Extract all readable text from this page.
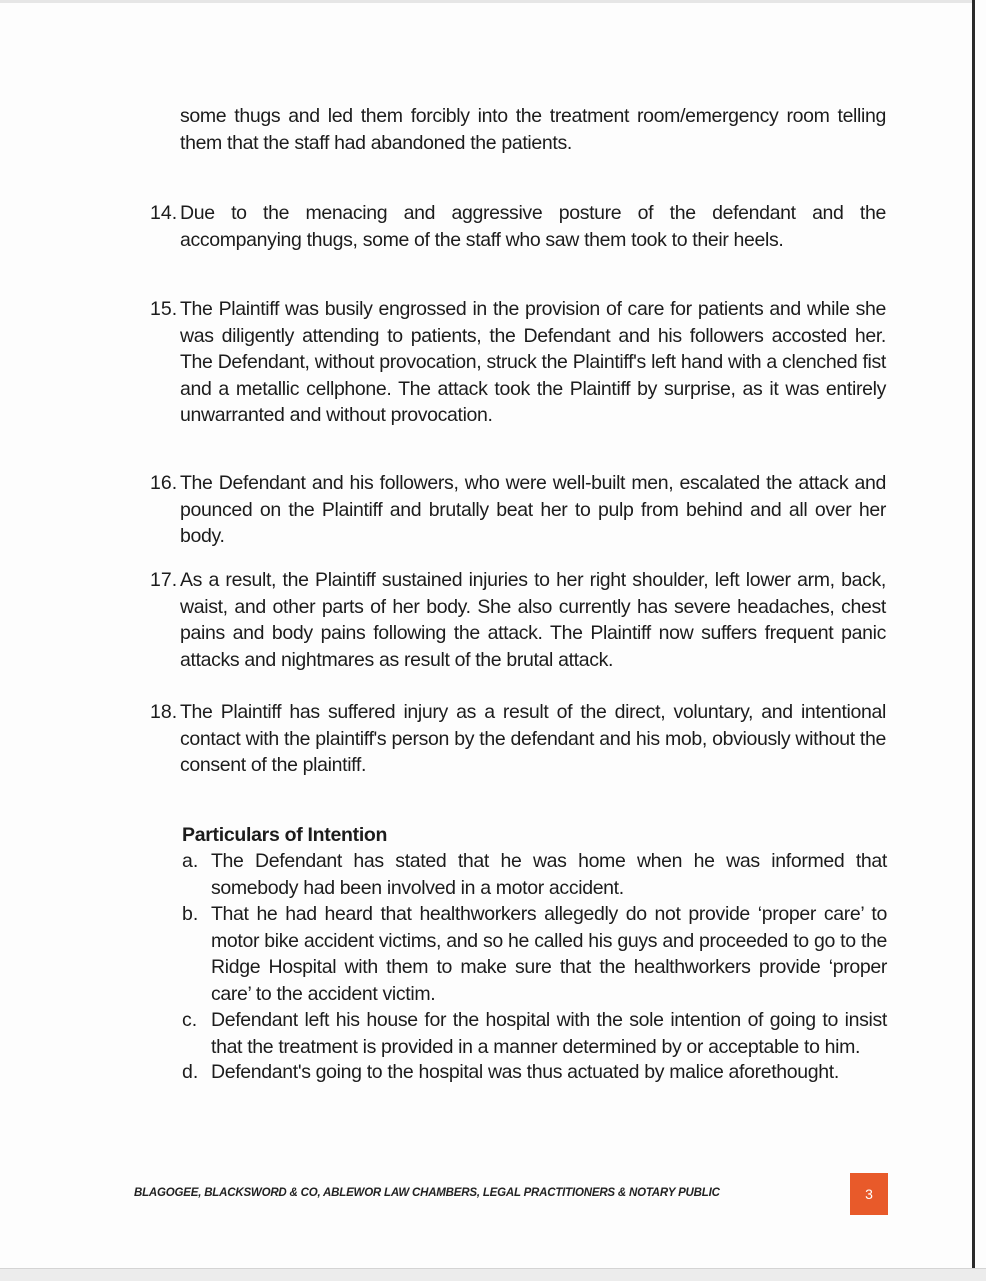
some thugs and led them forcibly into the treatment room/emergency room telling them that the staff had abandoned the patients.

14. Due to the menacing and aggressive posture of the defendant and the accompanying thugs, some of the staff who saw them took to their heels.

15. The Plaintiff was busily engrossed in the provision of care for patients and while she was diligently attending to patients, the Defendant and his followers accosted her. The Defendant, without provocation, struck the Plaintiff's left hand with a clenched fist and a metallic cellphone. The attack took the Plaintiff by surprise, as it was entirely unwarranted and without provocation.

16. The Defendant and his followers, who were well-built men, escalated the attack and pounced on the Plaintiff and brutally beat her to pulp from behind and all over her body.

17. As a result, the Plaintiff sustained injuries to her right shoulder, left lower arm, back, waist, and other parts of her body. She also currently has severe headaches, chest pains and body pains following the attack. The Plaintiff now suffers frequent panic attacks and nightmares as result of the brutal attack.

18. The Plaintiff has suffered injury as a result of the direct, voluntary, and intentional contact with the plaintiff's person by the defendant and his mob, obviously without the consent of the plaintiff.

Particulars of Intention
a. The Defendant has stated that he was home when he was informed that somebody had been involved in a motor accident.

b. That he had heard that healthworkers allegedly do not provide ‘proper care’ to motor bike accident victims, and so he called his guys and proceeded to go to the Ridge Hospital with them to make sure that the healthworkers provide ‘proper care’ to the accident victim.

c. Defendant left his house for the hospital with the sole intention of going to insist that the treatment is provided in a manner determined by or acceptable to him.

d. Defendant's going to the hospital was thus actuated by malice aforethought.

BLAGOGEE, BLACKSWORD & CO, ABLEWOR LAW CHAMBERS, LEGAL PRACTITIONERS & NOTARY PUBLIC	3
